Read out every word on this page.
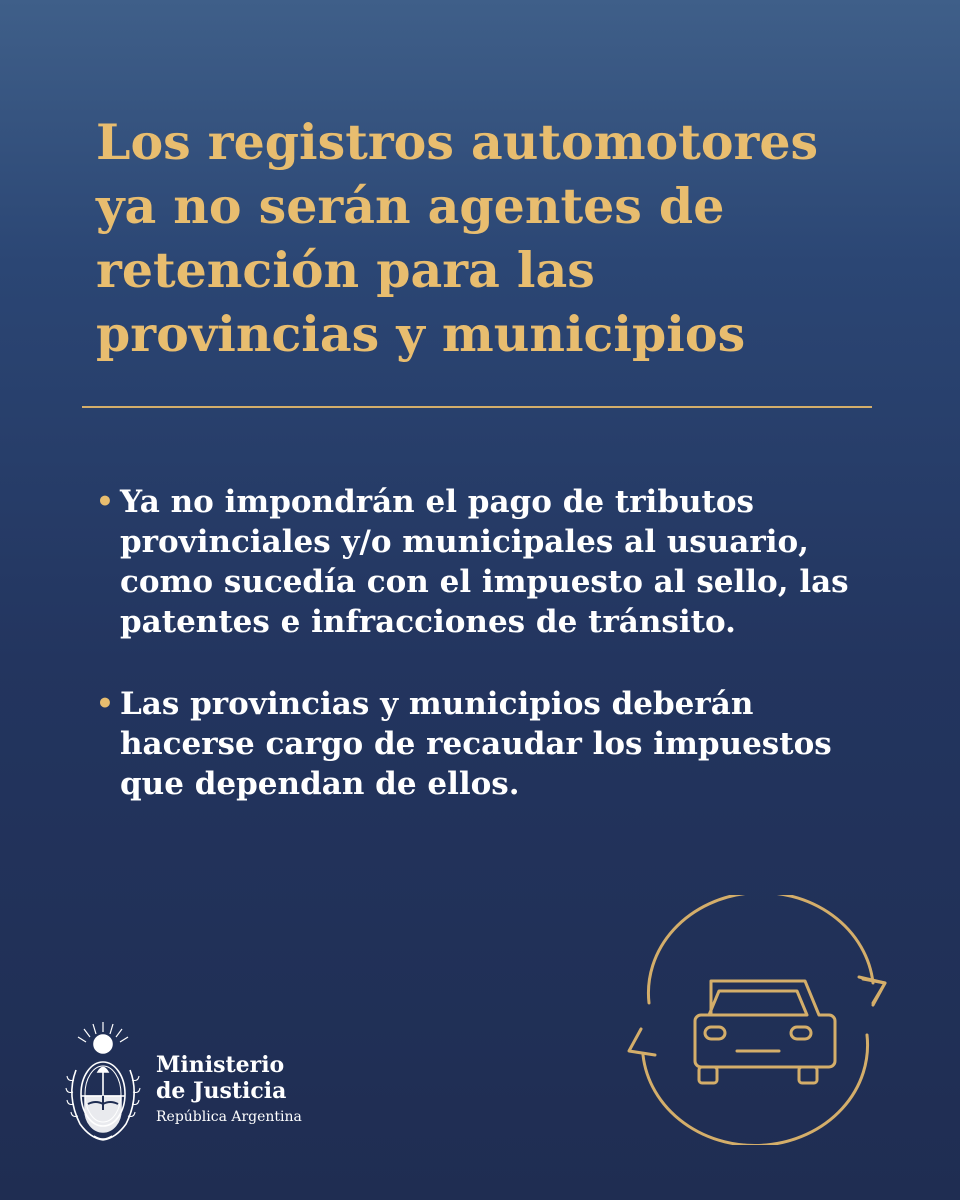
Los registros automotores
ya no serán agentes de
retención para las
provincias y municipios
• Ya no impondrán el pago de tributos
provinciales y/o municipales al usuario,
como sucedía con el impuesto al sello, las
patentes e infracciones de tránsito.
• Las provincias y municipios deberán
hacerse cargo de recaudar los impuestos
que dependan de ellos.
Ministerio
de Justicia
República Argentina
